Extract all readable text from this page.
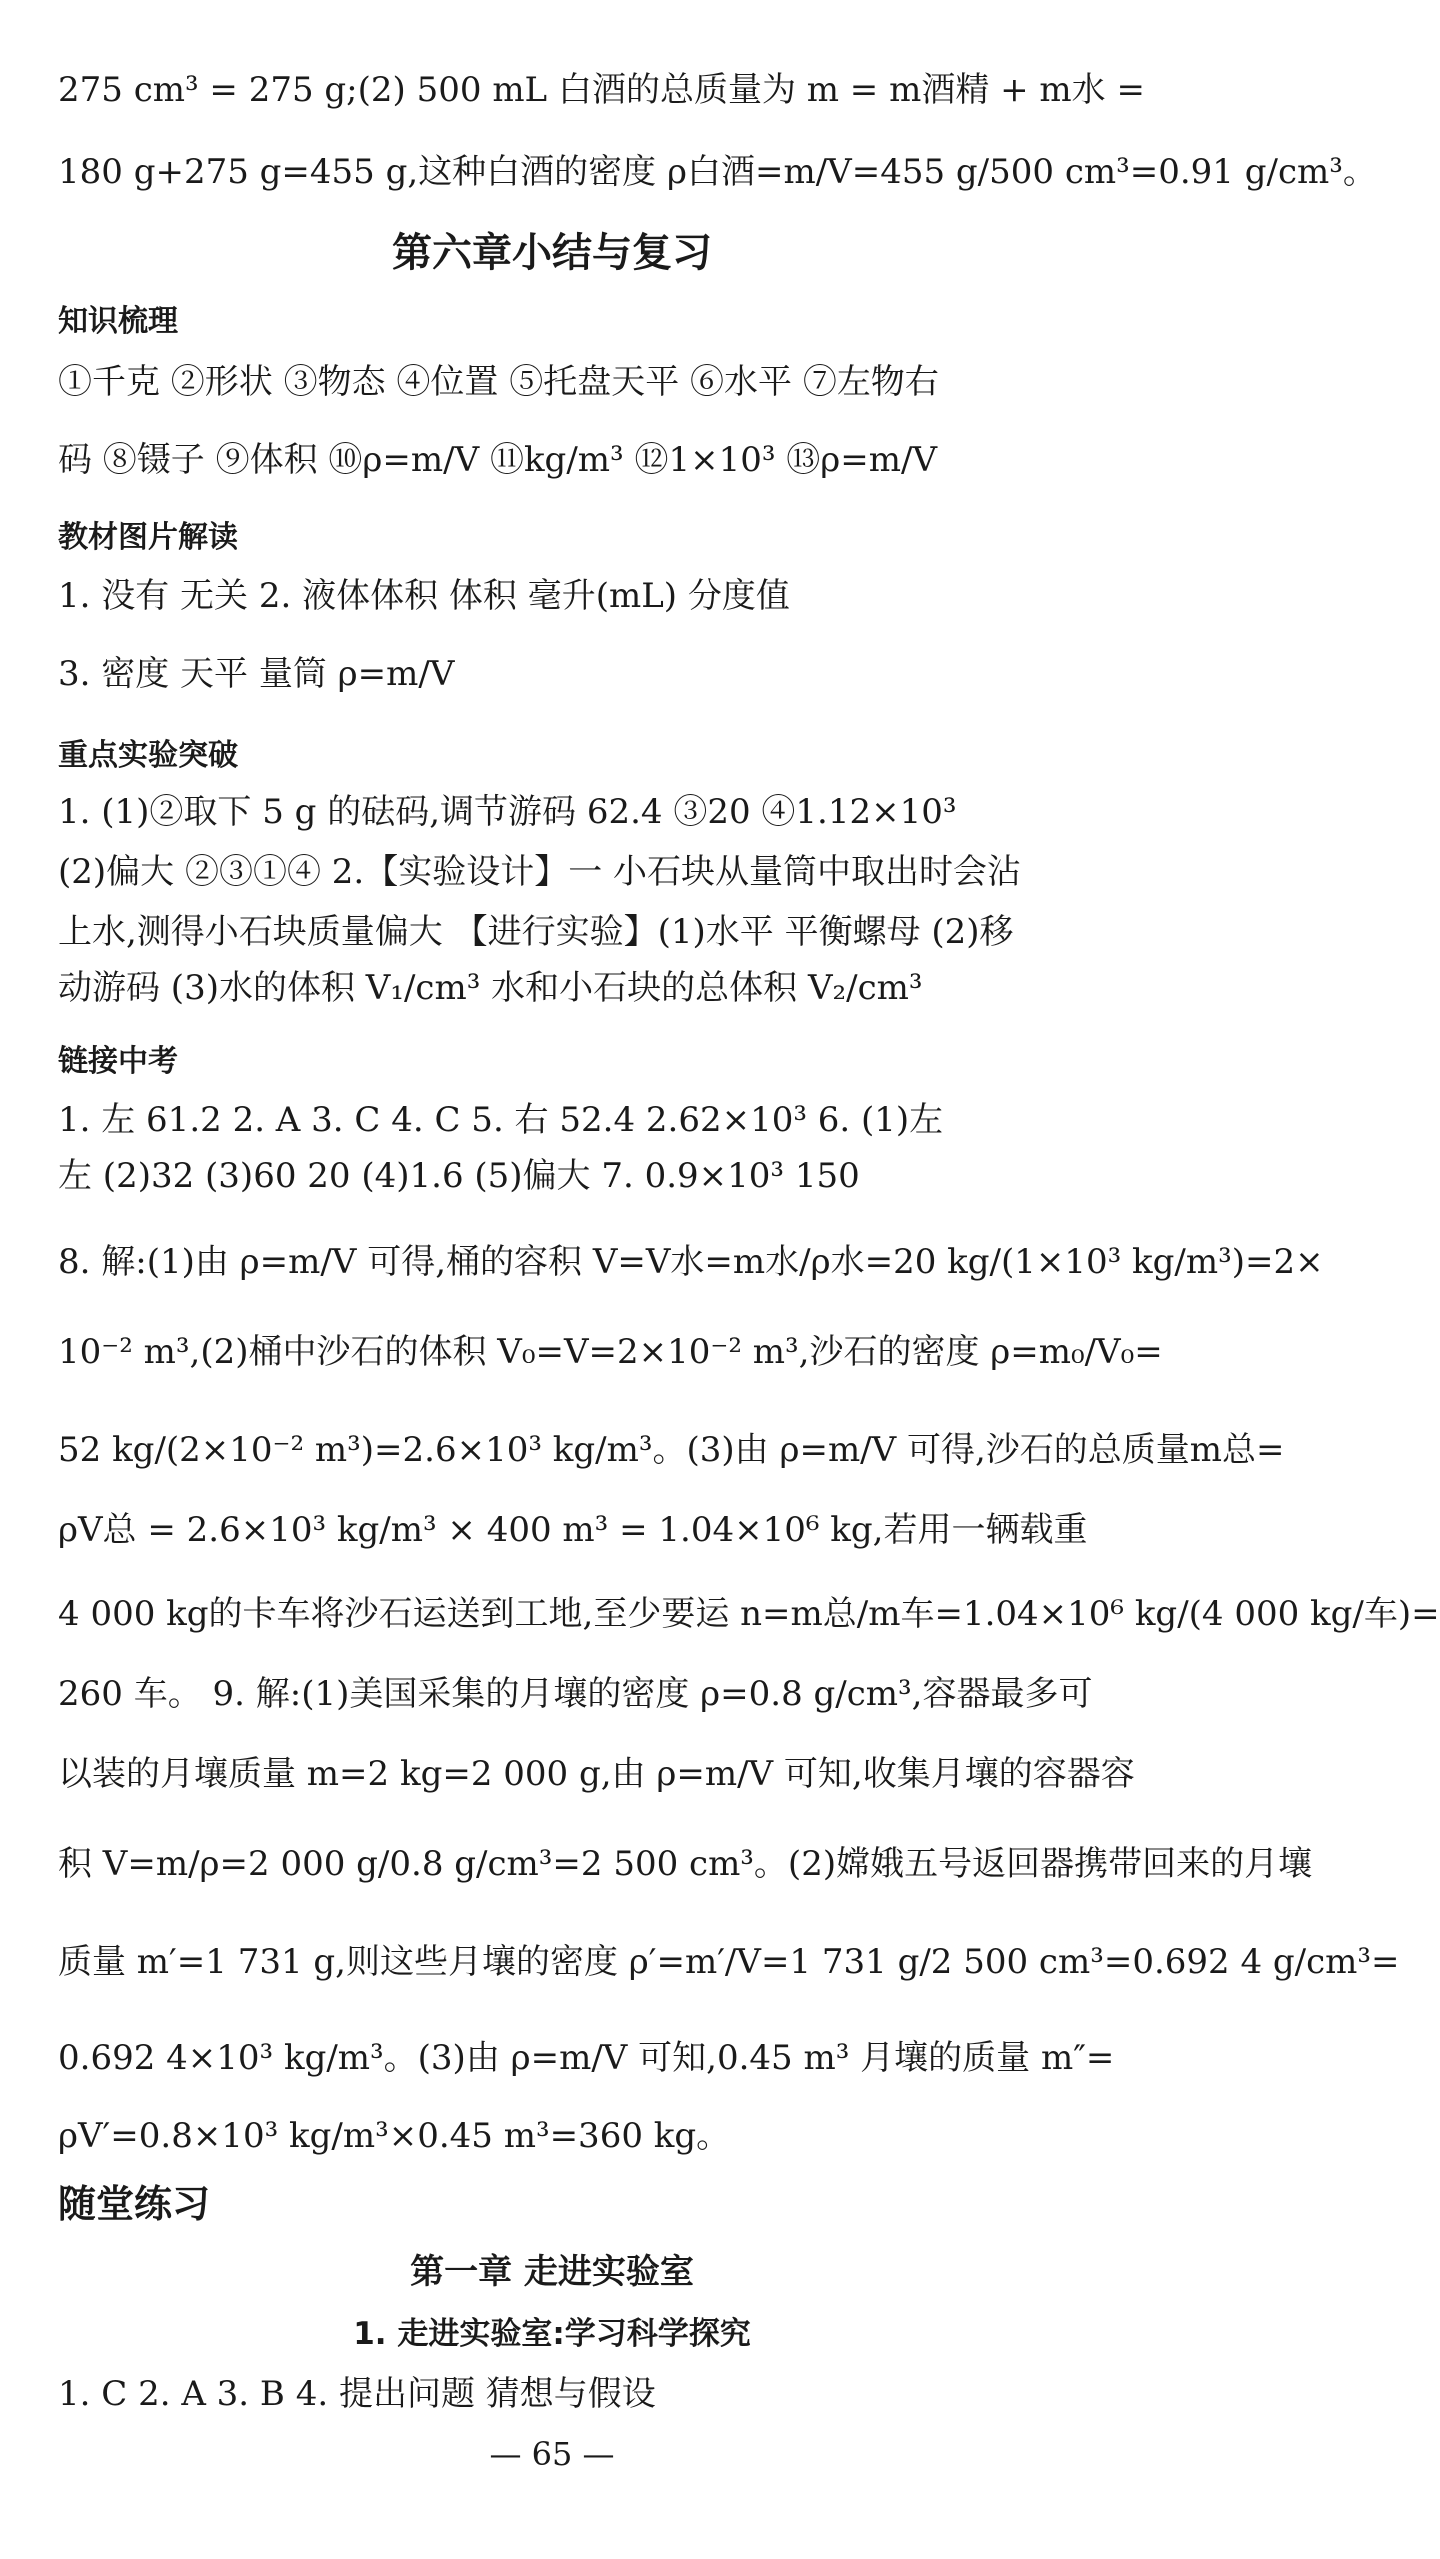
275 cm³ = 275 g;(2) 500 mL 白酒的总质量为 m = m酒精 + m水 =
180 g+275 g=455 g,这种白酒的密度 ρ白酒=m/V=455 g/500 cm³=0.91 g/cm³。
第六章小结与复习
知识梳理
①千克 ②形状 ③物态 ④位置 ⑤托盘天平 ⑥水平 ⑦左物右
码 ⑧镊子 ⑨体积 ⑩ρ=m/V ⑪kg/m³ ⑫1×10³ ⑬ρ=m/V
教材图片解读
1. 没有 无关 2. 液体体积 体积 毫升(mL) 分度值
3. 密度 天平 量筒 ρ=m/V
重点实验突破
1. (1)②取下 5 g 的砝码,调节游码 62.4 ③20 ④1.12×10³
(2)偏大 ②③①④ 2.【实验设计】一 小石块从量筒中取出时会沾
上水,测得小石块质量偏大 【进行实验】(1)水平 平衡螺母 (2)移
动游码 (3)水的体积 V₁/cm³ 水和小石块的总体积 V₂/cm³
链接中考
1. 左 61.2 2. A 3. C 4. C 5. 右 52.4 2.62×10³ 6. (1)左
左 (2)32 (3)60 20 (4)1.6 (5)偏大 7. 0.9×10³ 150
8. 解:(1)由 ρ=m/V 可得,桶的容积 V=V水=m水/ρ水=20 kg/(1×10³ kg/m³)=2×
10⁻² m³,(2)桶中沙石的体积 V₀=V=2×10⁻² m³,沙石的密度 ρ=m₀/V₀=
52 kg/(2×10⁻² m³)=2.6×10³ kg/m³。(3)由 ρ=m/V 可得,沙石的总质量m总=
ρV总 = 2.6×10³ kg/m³ × 400 m³ = 1.04×10⁶ kg,若用一辆载重
4 000 kg的卡车将沙石运送到工地,至少要运 n=m总/m车=1.04×10⁶ kg/(4 000 kg/车)=
260 车。 9. 解:(1)美国采集的月壤的密度 ρ=0.8 g/cm³,容器最多可
以装的月壤质量 m=2 kg=2 000 g,由 ρ=m/V 可知,收集月壤的容器容
积 V=m/ρ=2 000 g/0.8 g/cm³=2 500 cm³。(2)嫦娥五号返回器携带回来的月壤
质量 m′=1 731 g,则这些月壤的密度 ρ′=m′/V=1 731 g/2 500 cm³=0.692 4 g/cm³=
0.692 4×10³ kg/m³。(3)由 ρ=m/V 可知,0.45 m³ 月壤的质量 m″=
ρV′=0.8×10³ kg/m³×0.45 m³=360 kg。
随堂练习
第一章 走进实验室
1. 走进实验室:学习科学探究
1. C 2. A 3. B 4. 提出问题 猜想与假设
— 65 —
